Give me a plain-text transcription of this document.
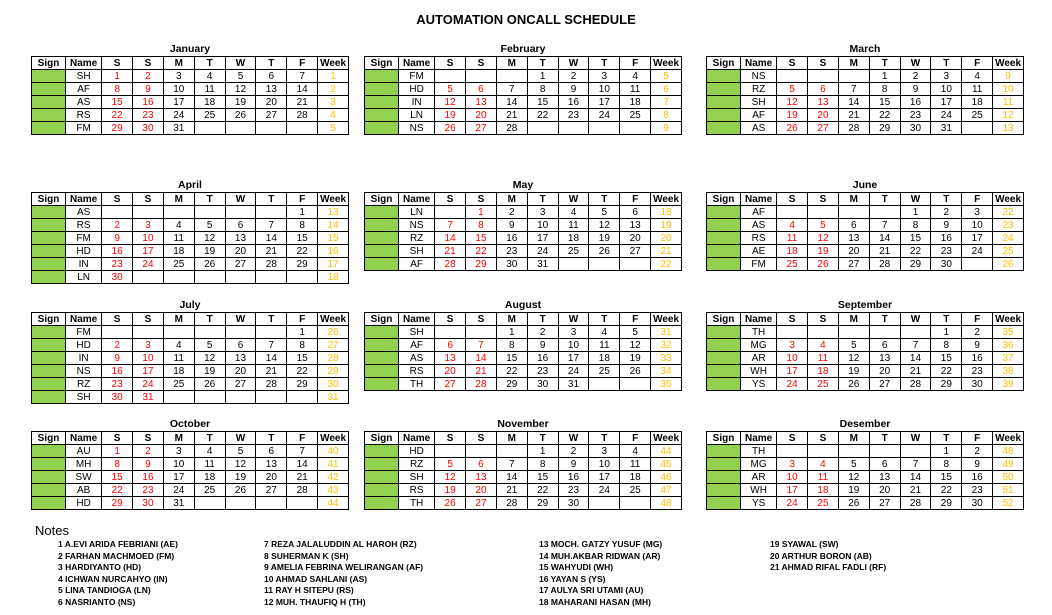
AUTOMATION ONCALL SCHEDULE
January
Sign	Name	S	S	M	T	W	T	F	Week
	SH	1	2	3	4	5	6	7	1
	AF	8	9	10	11	12	13	14	2
	AS	15	16	17	18	19	20	21	3
	RS	22	23	24	25	26	27	28	4
	FM	29	30	31					5
February
Sign	Name	S	S	M	T	W	T	F	Week
	FM				1	2	3	4	5
	HD	5	6	7	8	9	10	11	6
	IN	12	13	14	15	16	17	18	7
	LN	19	20	21	22	23	24	25	8
	NS	26	27	28					9
March
Sign	Name	S	S	M	T	W	T	F	Week
	NS				1	2	3	4	9
	RZ	5	6	7	8	9	10	11	10
	SH	12	13	14	15	16	17	18	11
	AF	19	20	21	22	23	24	25	12
	AS	26	27	28	29	30	31		13
April
Sign	Name	S	S	M	T	W	T	F	Week
	AS							1	13
	RS	2	3	4	5	6	7	8	14
	FM	9	10	11	12	13	14	15	15
	HD	16	17	18	19	20	21	22	16
	IN	23	24	25	26	27	28	29	17
	LN	30							18
May
Sign	Name	S	S	M	T	W	T	F	Week
	LN		1	2	3	4	5	6	18
	NS	7	8	9	10	11	12	13	19
	RZ	14	15	16	17	18	19	20	20
	SH	21	22	23	24	25	26	27	21
	AF	28	29	30	31				22
June
Sign	Name	S	S	M	T	W	T	F	Week
	AF					1	2	3	22
	AS	4	5	6	7	8	9	10	23
	RS	11	12	13	14	15	16	17	24
	AE	18	19	20	21	22	23	24	25
	FM	25	26	27	28	29	30		26
July
Sign	Name	S	S	M	T	W	T	F	Week
	FM							1	26
	HD	2	3	4	5	6	7	8	27
	IN	9	10	11	12	13	14	15	28
	NS	16	17	18	19	20	21	22	29
	RZ	23	24	25	26	27	28	29	30
	SH	30	31						31
August
Sign	Name	S	S	M	T	W	T	F	Week
	SH			1	2	3	4	5	31
	AF	6	7	8	9	10	11	12	32
	AS	13	14	15	16	17	18	19	33
	RS	20	21	22	23	24	25	26	34
	TH	27	28	29	30	31			35
September
Sign	Name	S	S	M	T	W	T	F	Week
	TH						1	2	35
	MG	3	4	5	6	7	8	9	36
	AR	10	11	12	13	14	15	16	37
	WH	17	18	19	20	21	22	23	38
	YS	24	25	26	27	28	29	30	39
October
Sign	Name	S	S	M	T	W	T	F	Week
	AU	1	2	3	4	5	6	7	40
	MH	8	9	10	11	12	13	14	41
	SW	15	16	17	18	19	20	21	42
	AB	22	23	24	25	26	27	28	43
	HD	29	30	31					44
November
Sign	Name	S	S	M	T	W	T	F	Week
	HD				1	2	3	4	44
	RZ	5	6	7	8	9	10	11	45
	SH	12	13	14	15	16	17	18	46
	RS	19	20	21	22	23	24	25	47
	TH	26	27	28	29	30			48
Desember
Sign	Name	S	S	M	T	W	T	F	Week
	TH						1	2	48
	MG	3	4	5	6	7	8	9	49
	AR	10	11	12	13	14	15	16	50
	WH	17	18	19	20	21	22	23	51
	YS	24	25	26	27	28	29	30	52
Notes
1 A.EVI ARIDA FEBRIANI (AE)
2 FARHAN MACHMOED (FM)
3 HARDIYANTO (HD)
4 ICHWAN NURCAHYO (IN)
5 LINA TANDIOGA (LN)
6 NASRIANTO (NS)
7 REZA JALALUDDIN AL HAROH (RZ)
8 SUHERMAN K (SH)
9 AMELIA FEBRINA WELIRANGAN (AF)
10 AHMAD SAHLANI (AS)
11 RAY H SITEPU (RS)
12 MUH. THAUFIQ H (TH)
13 MOCH. GATZY YUSUF (MG)
14 MUH.AKBAR RIDWAN (AR)
15 WAHYUDI (WH)
16 YAYAN S (YS)
17 AULYA SRI UTAMI (AU)
18 MAHARANI HASAN (MH)
19 SYAWAL (SW)
20 ARTHUR BORON (AB)
21 AHMAD RIFAL FADLI (RF)
